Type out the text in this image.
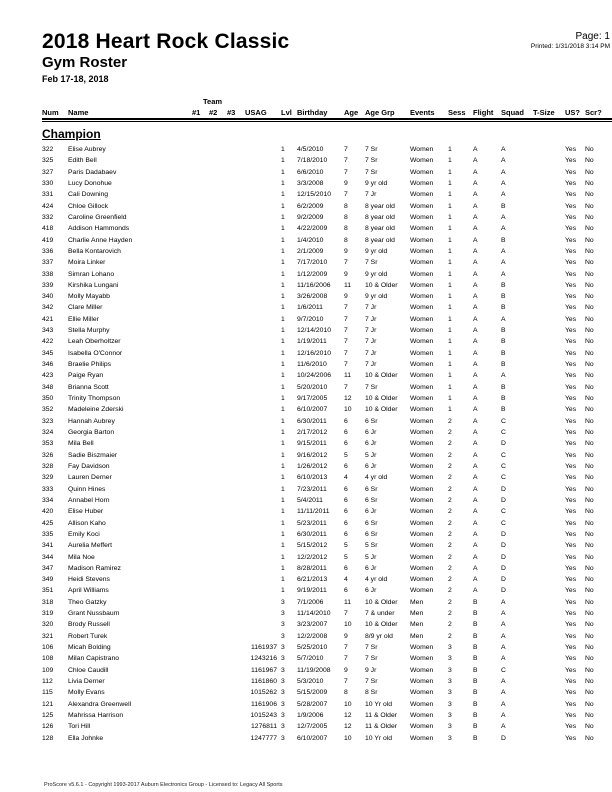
2018 Heart Rock Classic
Gym Roster
Feb 17-18, 2018
Page: 1
Printed: 1/31/2018 3:14 PM
Team
Num Name	#1 #2 #3 USAG Lvl Birthday Age Age Grp Events Sess Flight Squad T-Size US? Scr?
Champion
322 Elise Aubrey	1 4/5/2010	7	7 Sr	Women 1	A	A	Yes No
325 Edith Bell	1 7/18/2010 7	7 Sr	Women 1	A	A	Yes No
327 Paris Dadabaev	1 6/6/2010	7	7 Sr	Women 1	A	A	Yes No
330 Lucy Donohue	1 3/3/2008	9	9 yr old	Women 1	A	A	Yes No
331 Cali Downing	1 12/15/2010 7	7 Jr	Women 1	A	A	Yes No
424 Chloe Gillock	1 6/2/2009	8	8 year old Women 1	A	B	Yes No
332 Caroline Greenfield	1 9/2/2009	8	8 year old Women 1	A	A	Yes No
418 Addison Hammonds	1 4/22/2009 8	8 year old Women 1	A	A	Yes No
419 Charlie Anne Hayden	1 1/4/2010	8	8 year old Women 1	A	B	Yes No
336 Bella Kontarovich	1 2/1/2009	9	9 yr old	Women 1	A	A	Yes No
337 Moira Linker	1 7/17/2010 7	7 Sr	Women 1	A	A	Yes No
338 Simran Lohano	1 1/12/2009 9	9 yr old	Women 1	A	A	Yes No
339 Kirshika Lungani	1 11/16/2006 11 10 & Older Women 1	A	B	Yes No
340 Molly Mayabb	1 3/26/2008 9	9 yr old	Women 1	A	B	Yes No
342 Clare Miller	1 1/6/2011	7	7 Jr	Women 1	A	B	Yes No
421 Ellie Miller	1 9/7/2010	7	7 Jr	Women 1	A	A	Yes No
343 Stella Murphy	1 12/14/2010 7	7 Jr	Women 1	A	B	Yes No
422 Leah Oberholtzer	1 1/19/2011	7	7 Jr	Women 1	A	B	Yes No
345 Isabella O'Connor	1 12/16/2010 7	7 Jr	Women 1	A	B	Yes No
346 Braelie Philips	1 11/6/2010	7	7 Jr	Women 1	A	B	Yes No
423 Paige Ryan	1 10/24/2006 11 10 & Older Women 1	A	A	Yes No
348 Brianna Scott	1 5/20/2010 7	7 Sr	Women 1	A	B	Yes No
350 Trinity Thompson	1 9/17/2005 12 10 & Older Women 1	A	B	Yes No
352 Madeleine Zderski	1 6/10/2007 10 10 & Older Women 1	A	B	Yes No
323 Hannah Aubrey	1 6/30/2011	6	6 Sr	Women 2	A	C	Yes No
324 Georgia Barton	1 2/17/2012 6	6 Jr	Women 2	A	C	Yes No
353 Mila Bell	1 9/15/2011	6	6 Jr	Women 2	A	D	Yes No
326 Sadie Biszmaier	1 9/16/2012 5	5 Jr	Women 2	A	C	Yes No
328 Fay Davidson	1 1/26/2012 6	6 Jr	Women 2	A	C	Yes No
329 Lauren Derner	1 6/10/2013 4	4 yr old	Women 2	A	C	Yes No
333 Quinn Hines	1 7/23/2011	6	6 Sr	Women 2	A	D	Yes No
334 Annabel Horn	1 5/4/2011	6	6 Sr	Women 2	A	D	Yes No
420 Elise Huber	1 11/11/2011 6	6 Jr	Women 2	A	C	Yes No
425 Allison Kaho	1 5/23/2011	6	6 Sr	Women 2	A	C	Yes No
335 Emily Koci	1 6/30/2011	6	6 Sr	Women 2	A	D	Yes No
341 Aurelia Meffert	1 5/15/2012 5	5 Sr	Women 2	A	D	Yes No
344 Mila Noe	1 12/2/2012 5	5 Jr	Women 2	A	D	Yes No
347 Madison Ramirez	1 8/28/2011	6	6 Jr	Women 2	A	D	Yes No
349 Heidi Stevens	1 6/21/2013 4	4 yr old	Women 2	A	D	Yes No
351 April Williams	1 9/19/2011	6	6 Jr	Women 2	A	D	Yes No
318 Theo Gatzky	3 7/1/2006	11 10 & Older Men	2	B	A	Yes No
319 Grant Nussbaum	3 11/14/2010 7	7 & under Men	2	B	A	Yes No
320 Brody Russell	3 3/23/2007 10 10 & Older Men	2	B	A	Yes No
321 Robert Turek	3 12/2/2008 9	8/9 yr old	Men	2	B	A	Yes No
106 Micah Bolding	1161937 3 5/25/2010 7	7 Sr	Women 3	B	A	Yes No
108 Milan Capistrano	1243216 3 5/7/2010	7	7 Sr	Women 3	B	A	Yes No
109 Chloe Caudill	1161967 3 11/19/2008 9	9 Jr	Women 3	B	C	Yes No
112 Livia Derner	1161860 3 5/3/2010	7	7 Sr	Women 3	B	A	Yes No
115 Molly Evans	1015262 3 5/15/2009 8	8 Sr	Women 3	B	A	Yes No
121 Alexandra Greenwell	1161906 3 5/28/2007 10 10 Yr old	Women 3	B	A	Yes No
125 Mahrissa Harrison	1015243 3 1/9/2006	12 11 & Older Women 3	B	A	Yes No
126 Tori Hill	1276811 3 12/7/2005 12 11 & Older Women 3	B	A	Yes No
128 Ella Johnke	1247777 3 6/10/2007 10 10 Yr old	Women 3	B	D	Yes No
ProScore v5.6.1 - Copyright 1993-2017 Auburn Electronics Group - Licensed to: Legacy All Sports
